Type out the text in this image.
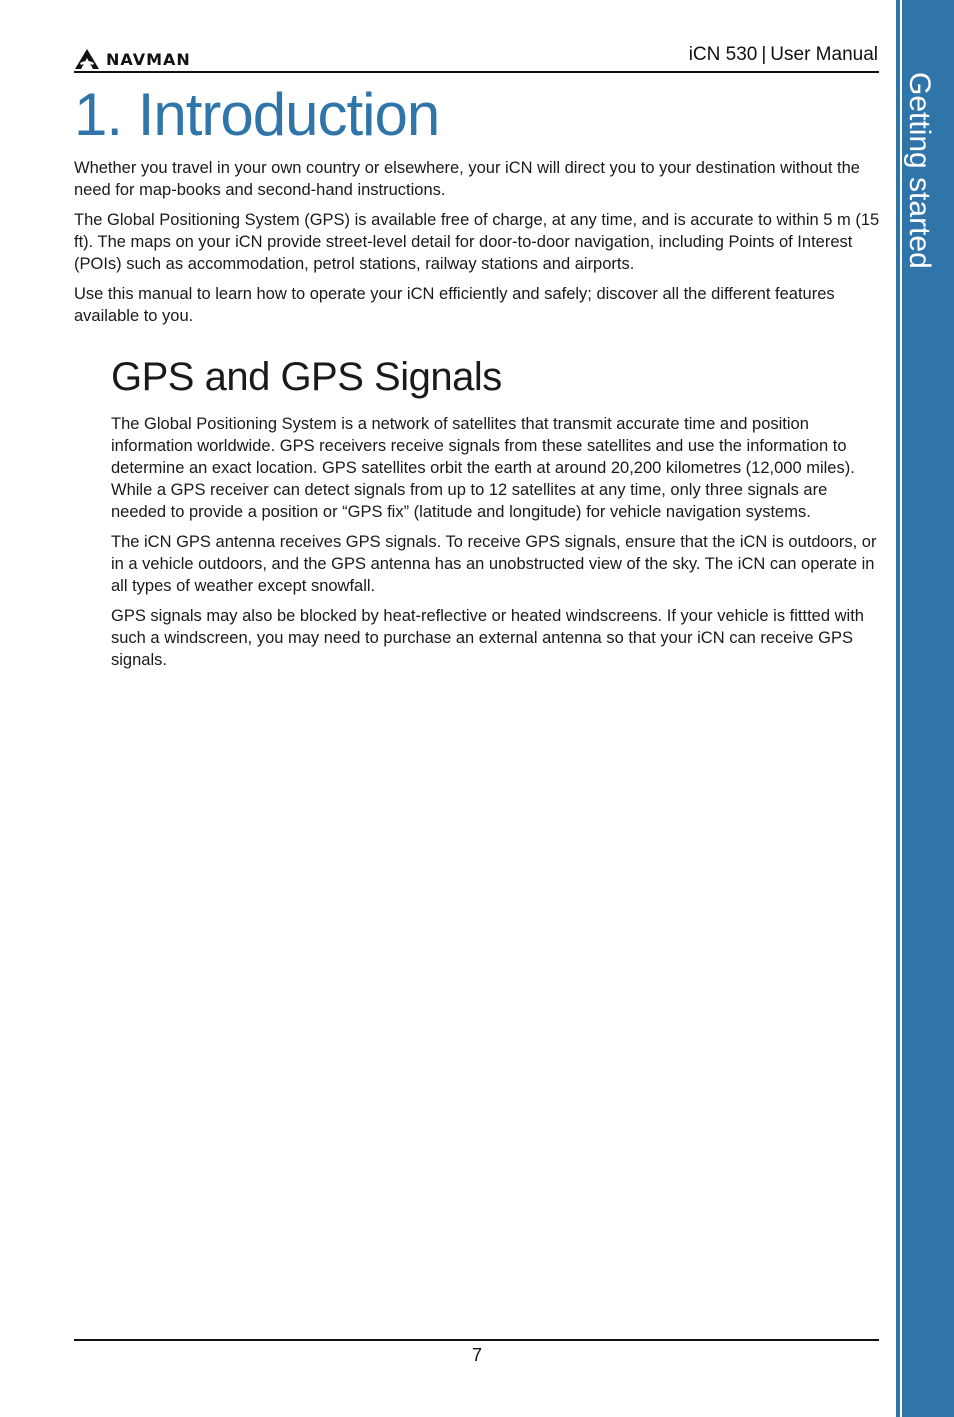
NAVMAN	iCN 530 | User Manual
Getting started
1. Introduction

Whether you travel in your own country or elsewhere, your iCN will direct you to your destination without the need for map-books and second-hand instructions.

The Global Positioning System (GPS) is available free of charge, at any time, and is accurate to within 5 m (15 ft). The maps on your iCN provide street-level detail for door-to-door navigation, including Points of Interest (POIs) such as accommodation, petrol stations, railway stations and airports.

Use this manual to learn how to operate your iCN efficiently and safely; discover all the different features available to you.

GPS and GPS Signals

The Global Positioning System is a network of satellites that transmit accurate time and position information worldwide. GPS receivers receive signals from these satellites and use the information to determine an exact location. GPS satellites orbit the earth at around 20,200 kilometres (12,000 miles). While a GPS receiver can detect signals from up to 12 satellites at any time, only three signals are needed to provide a position or “GPS fix” (latitude and longitude) for vehicle navigation systems.

The iCN GPS antenna receives GPS signals. To receive GPS signals, ensure that the iCN is outdoors, or in a vehicle outdoors, and the GPS antenna has an unobstructed view of the sky. The iCN can operate in all types of weather except snowfall.

GPS signals may also be blocked by heat-reflective or heated windscreens. If your vehicle is fittted with such a windscreen, you may need to purchase an external antenna so that your iCN can receive GPS signals.

7
